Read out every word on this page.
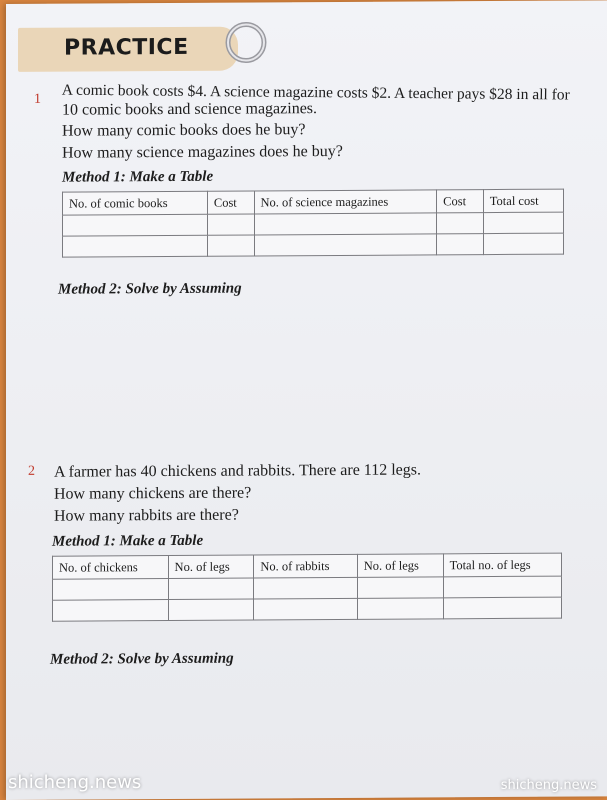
PRACTICE
1 A comic book costs $4. A science magazine costs $2. A teacher pays $28 in all for

10 comic books and science magazines.

How many comic books does he buy?

How many science magazines does he buy?

Method 1: Make a Table

No. of comic books	Cost	No. of science magazines	Cost	Total cost

Method 2: Solve by Assuming

2 A farmer has 40 chickens and rabbits. There are 112 legs.

How many chickens are there?

How many rabbits are there?

Method 1: Make a Table

No. of chickens	No. of legs	No. of rabbits	No. of legs	Total no. of legs

Method 2: Solve by Assuming

shicheng.news	shicheng.news
